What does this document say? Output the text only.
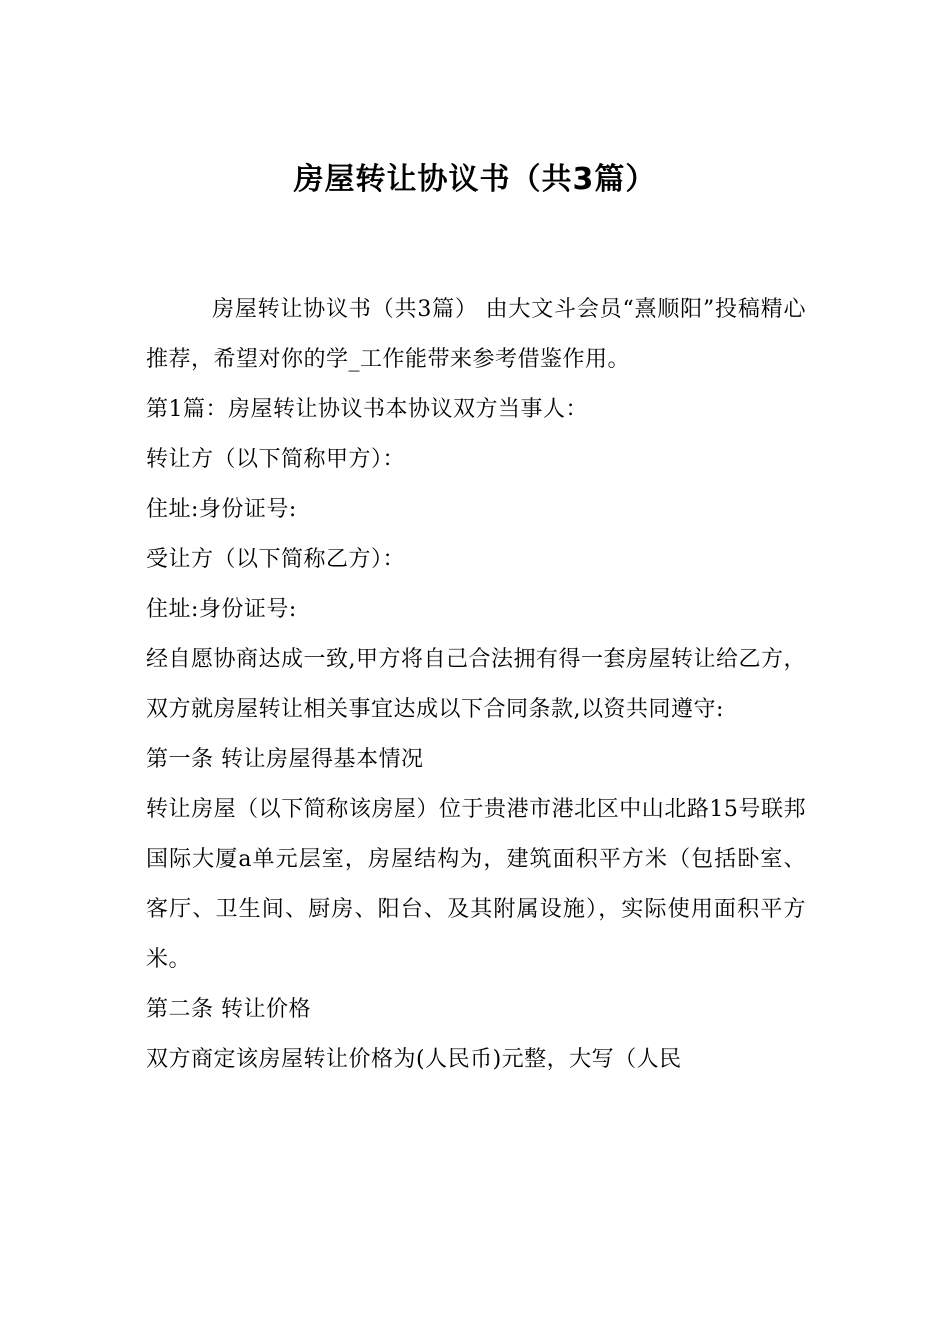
房屋转让协议书（共3篇）

房屋转让协议书（共3篇） 由大文斗会员“熹顺阳”投稿精心推荐，希望对你的学_工作能带来参考借鉴作用。

第1篇：房屋转让协议书本协议双方当事人：

转让方（以下简称甲方）：

住址:身份证号:

受让方（以下简称乙方）：

住址:身份证号:

经自愿协商达成一致,甲方将自己合法拥有得一套房屋转让给乙方，双方就房屋转让相关事宜达成以下合同条款,以资共同遵守:

第一条 转让房屋得基本情况

转让房屋（以下简称该房屋）位于贵港市港北区中山北路15号联邦国际大厦a单元层室，房屋结构为，建筑面积平方米（包括卧室、客厅、卫生间、厨房、阳台、及其附属设施），实际使用面积平方米。

第二条 转让价格

双方商定该房屋转让价格为(人民币)元整，大写（人民
